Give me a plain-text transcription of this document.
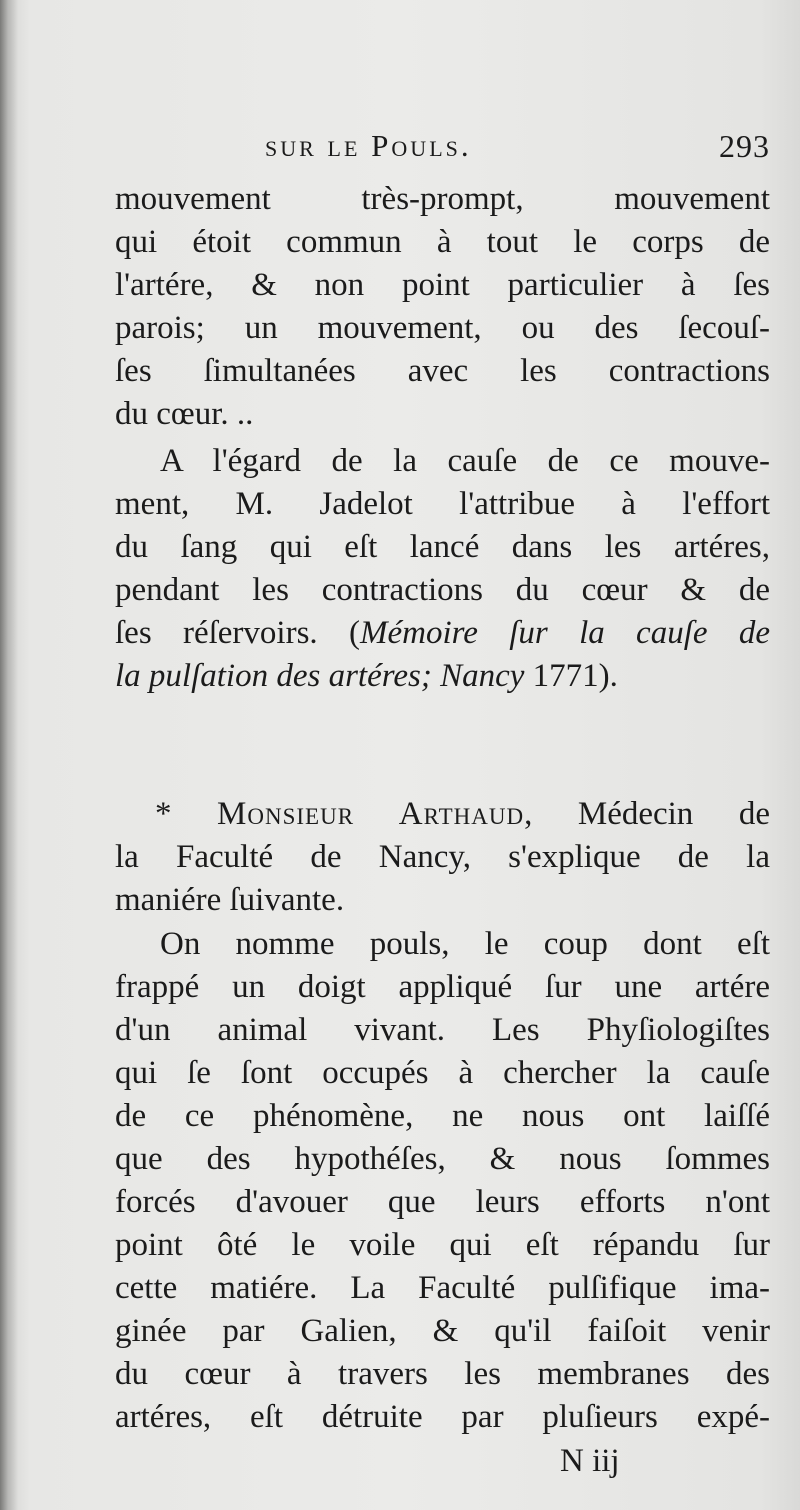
sur le Pouls.	293
mouvement très-prompt, mouvement
qui étoit commun à tout le corps de
l'artére, & non point particulier à ſes
parois; un mouvement, ou des ſecouſ-
ſes ſimultanées avec les contractions
du cœur. ..
A l'égard de la cauſe de ce mouve-
ment, M. Jadelot l'attribue à l'effort
du ſang qui eſt lancé dans les artéres,
pendant les contractions du cœur & de
ſes réſervoirs. (Mémoire ſur la cauſe de
la pulſation des artéres; Nancy 1771).
* Monsieur Arthaud, Médecin de
la Faculté de Nancy, s'explique de la
maniére ſuivante.
On nomme pouls, le coup dont eſt
frappé un doigt appliqué ſur une artére
d'un animal vivant. Les Phyſiologiſtes
qui ſe ſont occupés à chercher la cauſe
de ce phénomène, ne nous ont laiſſé
que des hypothéſes, & nous ſommes
forcés d'avouer que leurs efforts n'ont
point ôté le voile qui eſt répandu ſur
cette matiére. La Faculté pulſifique ima-
ginée par Galien, & qu'il faiſoit venir
du cœur à travers les membranes des
artéres, eſt détruite par pluſieurs expé-
N iij
